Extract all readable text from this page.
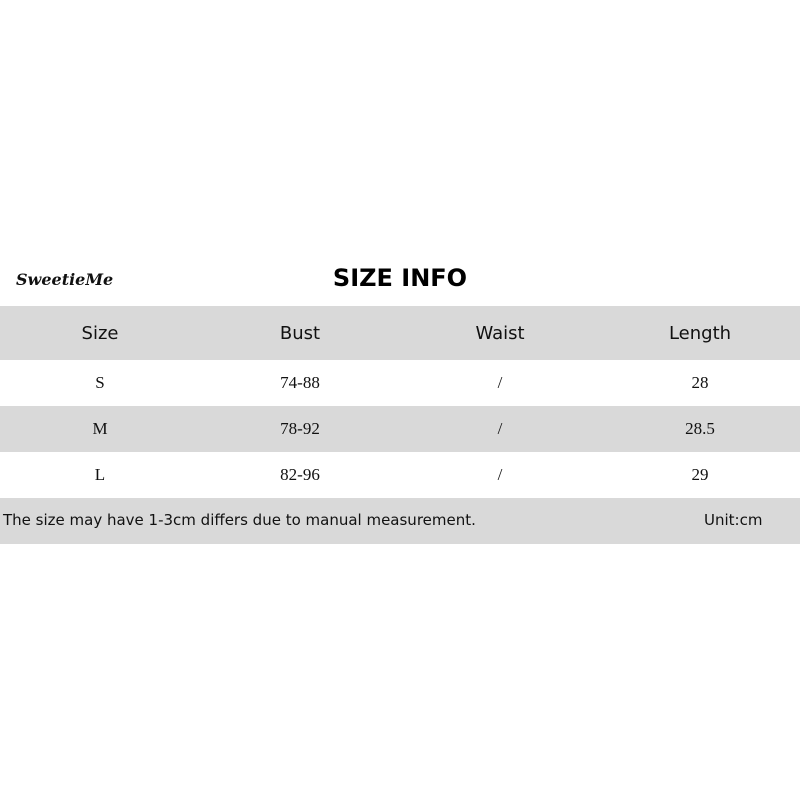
SweetieMe	SIZE INFO
Size	Bust	Waist	Length
S	74-88	/	28
M	78-92	/	28.5
L	82-96	/	29
The size may have 1-3cm differs due to manual measurement.	Unit:cm
